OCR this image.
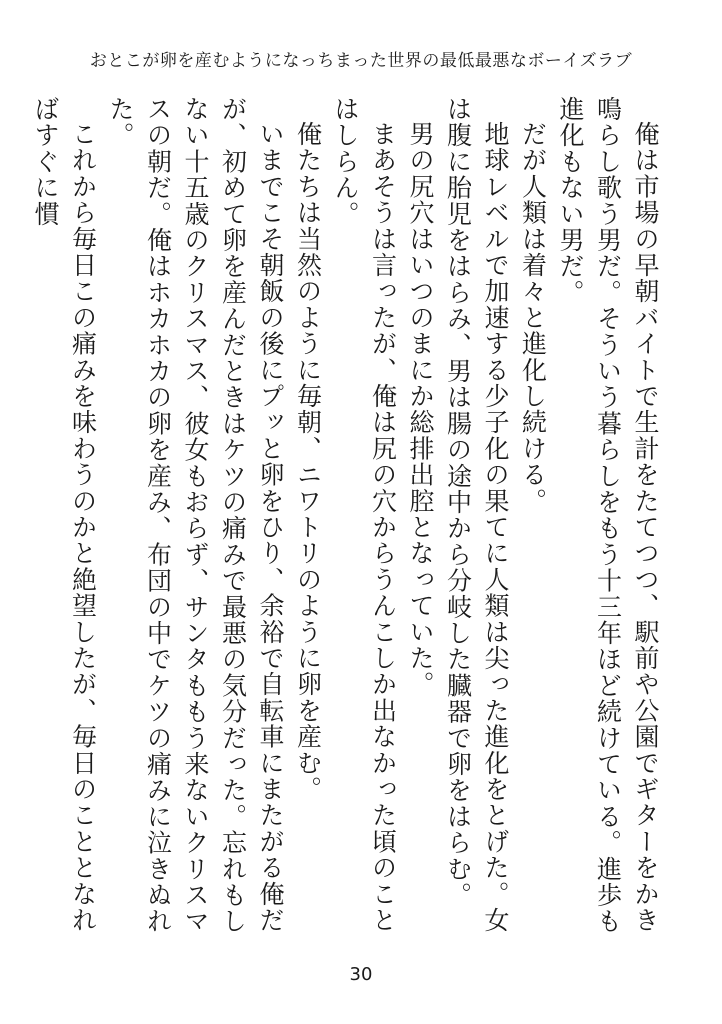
おとこが卵を産むようになっちまった世界の最低最悪なボーイズラブ

俺は市場の早朝バイトで生計をたてつつ、駅前や公園でギターをかき鳴らし歌う男だ。そういう暮らしをもう十三年ほど続けている。進歩も進化もない男だ。

だが人類は着々と進化し続ける。

地球レベルで加速する少子化の果てに人類は尖った進化をとげた。女は腹に胎児をはらみ、男は腸の途中から分岐した臓器で卵をはらむ。

男の尻穴はいつのまにか総排出腔となっていた。

まあそうは言ったが、俺は尻の穴からうんこしか出なかった頃のことはしらん。

俺たちは当然のように毎朝、ニワトリのように卵を産む。

いまでこそ朝飯の後にプッと卵をひり、余裕で自転車にまたがる俺だが、初めて卵を産んだときはケツの痛みで最悪の気分だった。忘れもしない十五歳のクリスマス、彼女もおらず、サンタももう来ないクリスマスの朝だ。俺はホカホカの卵を産み、布団の中でケツの痛みに泣きぬれた。

これから毎日この痛みを味わうのかと絶望したが、毎日のこととなればすぐに慣

30
